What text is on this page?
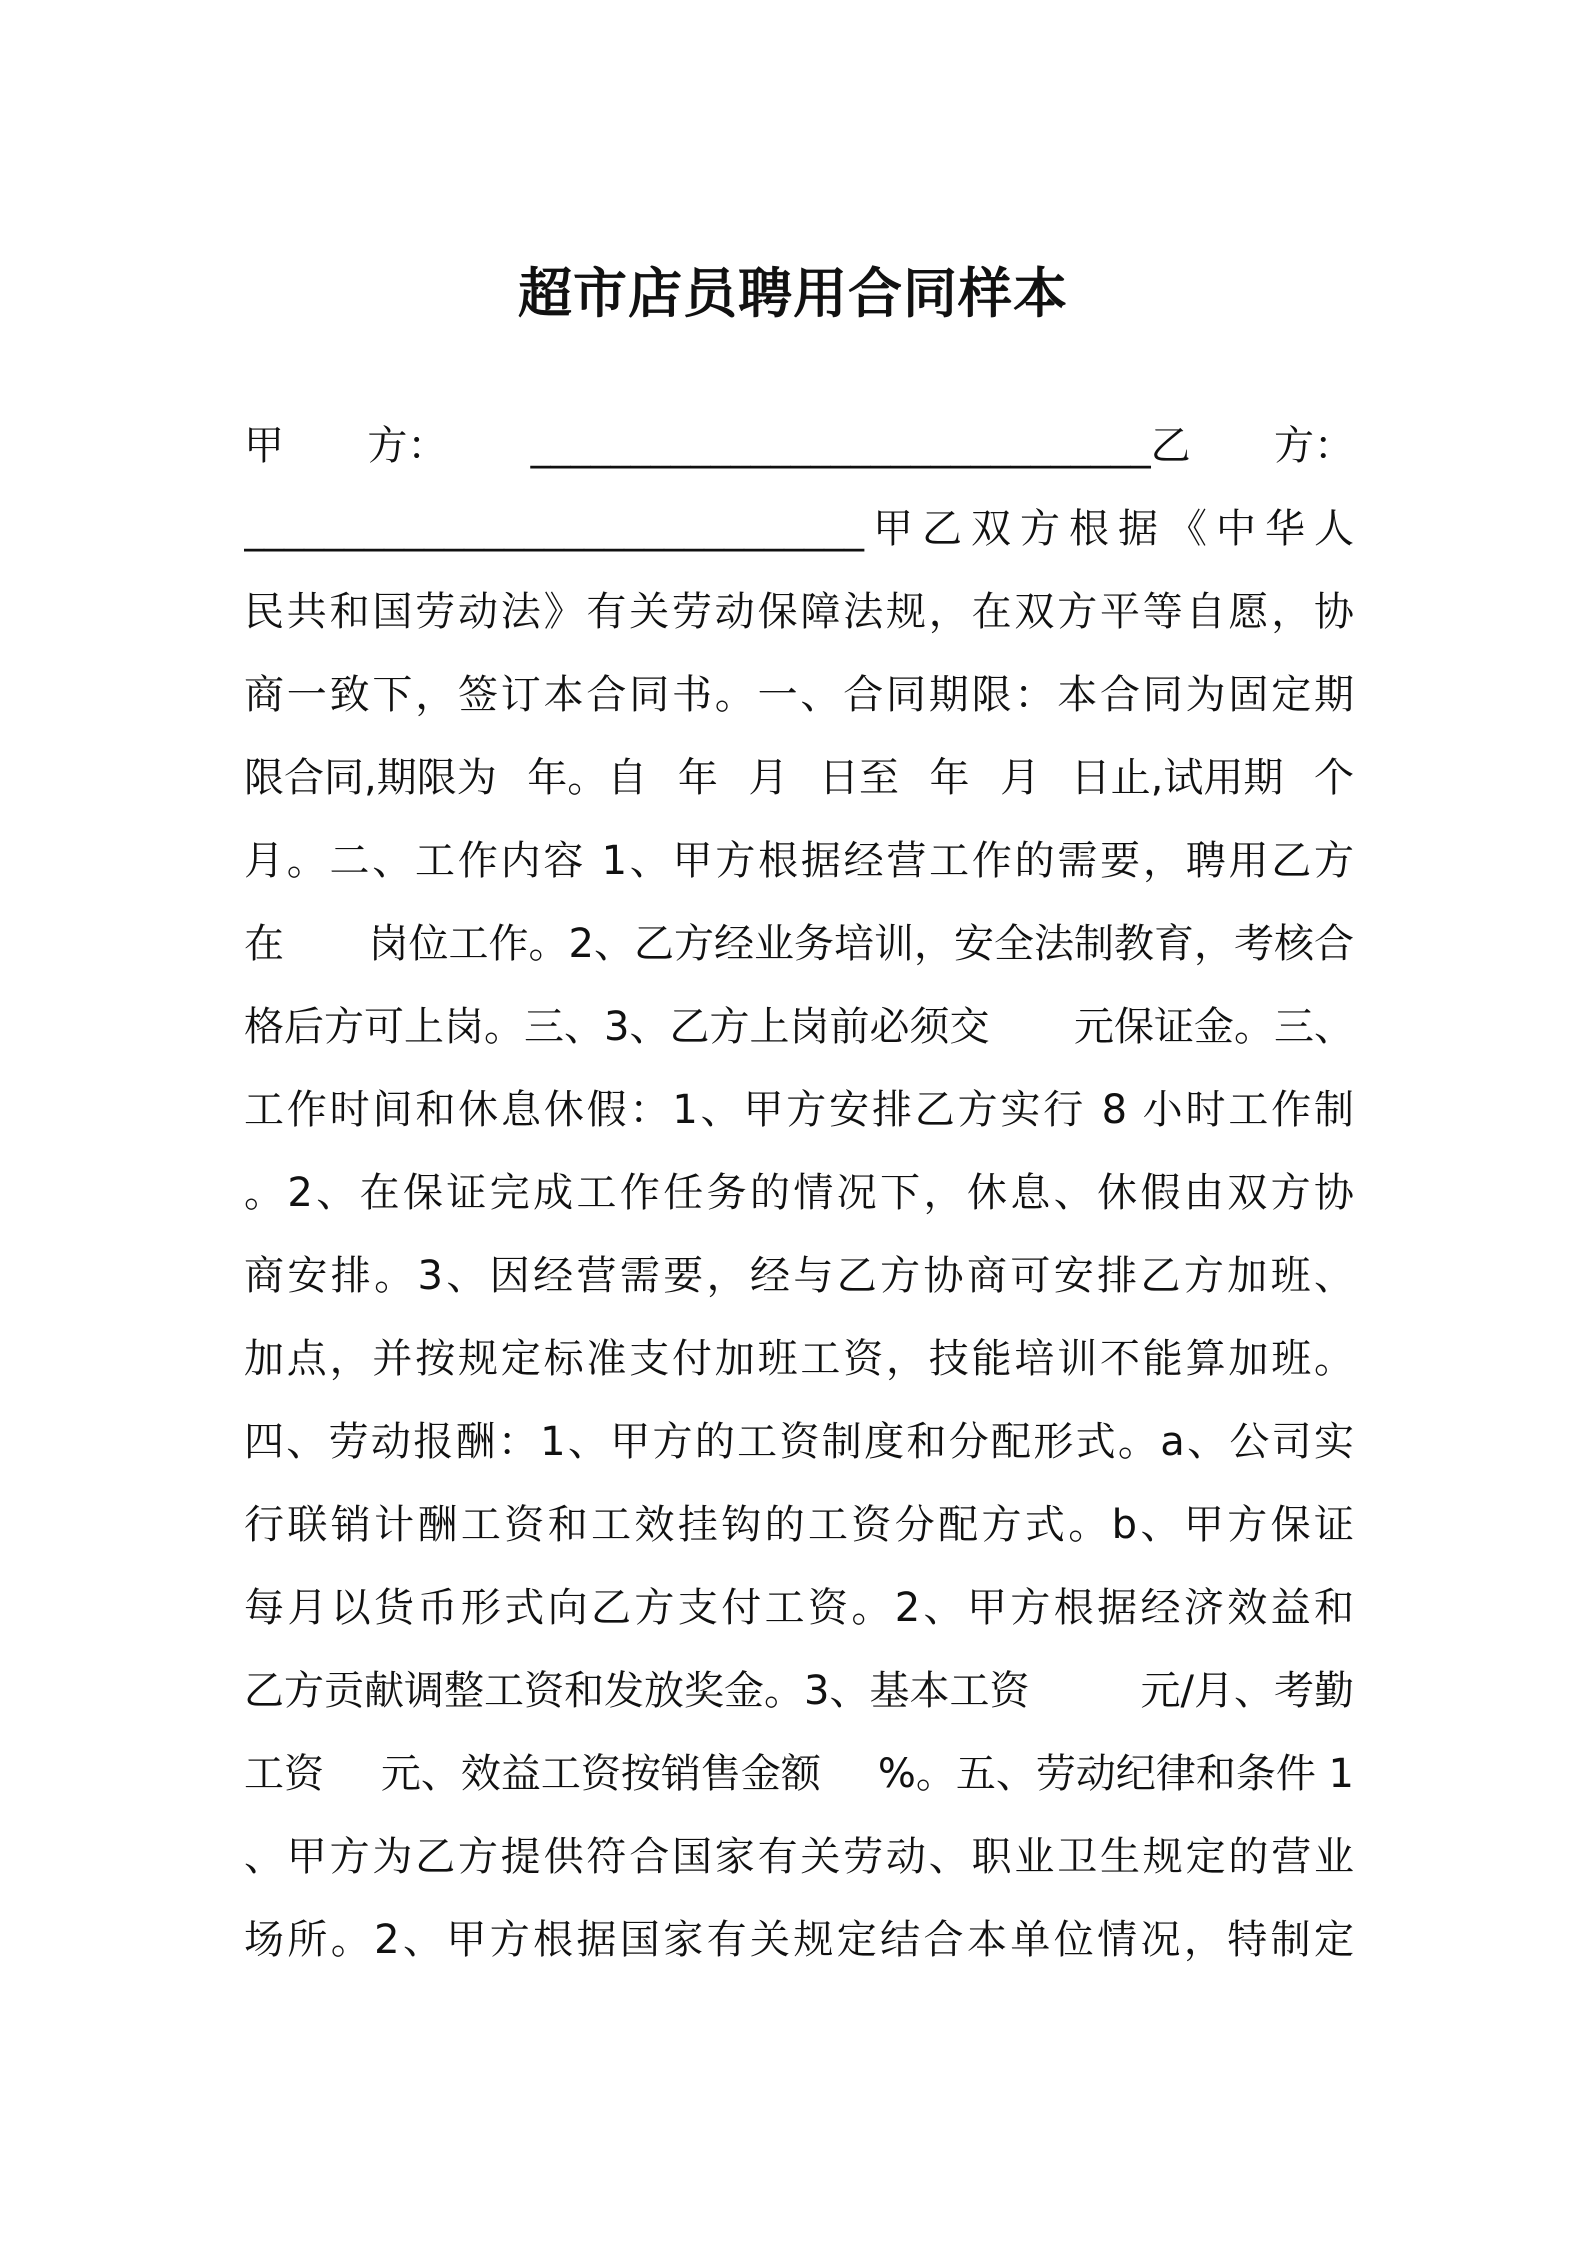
超市店员聘用合同样本
甲 方： _______________________________乙 方：
_______________________________甲乙双方根据《中华人
民共和国劳动法》有关劳动保障法规，在双方平等自愿，协
商一致下，签订本合同书。一、合同期限：本合同为固定期
限合同,期限为 年。自 年 月 日至 年 月 日止,试用期 个
月。二、工作内容 1、甲方根据经营工作的需要，聘用乙方
在 岗位工作。2、乙方经业务培训，安全法制教育，考核合
格后方可上岗。三、3、乙方上岗前必须交 元保证金。三、
工作时间和休息休假：1、甲方安排乙方实行 8 小时工作制
。2、在保证完成工作任务的情况下，休息、休假由双方协
商安排。3、因经营需要，经与乙方协商可安排乙方加班、
加点，并按规定标准支付加班工资，技能培训不能算加班。
四、劳动报酬：1、甲方的工资制度和分配形式。a、公司实
行联销计酬工资和工效挂钩的工资分配方式。b、甲方保证
每月以货币形式向乙方支付工资。2、甲方根据经济效益和
乙方贡献调整工资和发放奖金。3、基本工资	元/月、考勤
工资 元、效益工资按销售金额 %。五、劳动纪律和条件 1
、甲方为乙方提供符合国家有关劳动、职业卫生规定的营业
场所。2、甲方根据国家有关规定结合本单位情况，特制定
